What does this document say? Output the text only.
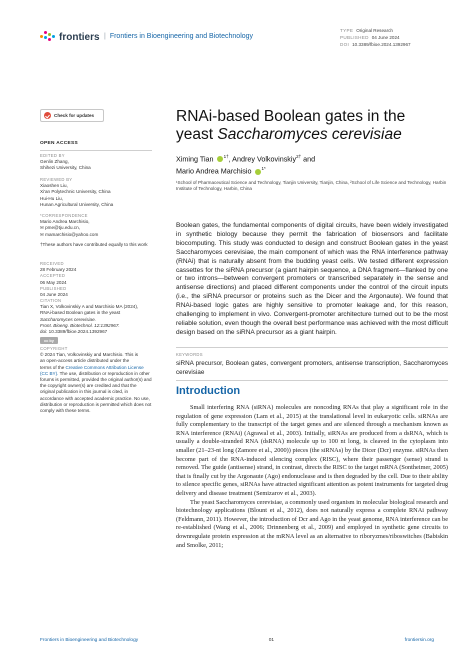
frontiers | Frontiers in Bioengineering and Biotechnology
TYPE Original Research
PUBLISHED 04 June 2024
DOI 10.3389/fbioe.2024.1392967
Check for updates
OPEN ACCESS
EDITED BY
Genlin Zhang,
Shihezi University, China
REVIEWED BY
Xiaoshen Liu,
Xi'an Polytechnic University, China
Hui-Hu Liu,
Hunan Agricultural University, China
*CORRESPONDENCE
Mario Andrea Marchisio,
✉ pme@tju.edu.cn,
✉ mamarchisio@yahoo.com
†These authors have contributed equally to this work
RECEIVED
28 February 2024
ACCEPTED
06 May 2024
PUBLISHED
04 June 2024
CITATION
Tian X, Volkovinskiy A and Marchisio MA (2024),
RNAi-based Boolean gates in the yeast
Saccharomyces cerevisiae.
Front. Bioeng. Biotechnol. 12:1392967.
doi: 10.3389/fbioe.2024.1392967
cc by
COPYRIGHT
© 2024 Tian, Volkovinskiy and Marchisio. This is
an open-access article distributed under the
terms of the Creative Commons Attribution License (CC BY). The use, distribution or reproduction in other forums is permitted, provided the original author(s) and the copyright owner(s) are credited and that the original publication in this journal is cited, in accordance with accepted academic practice. No use, distribution or reproduction is permitted which does not comply with these terms.
RNAi-based Boolean gates in the
yeast Saccharomyces cerevisiae
Ximing Tian $^{1\dagger}$, Andrey Volkovinskiy$^{2\dagger}$ and
Mario Andrea Marchisio $^{1*}$
¹School of Pharmaceutical Science and Technology, Tianjin University, Tianjin, China, ²School of Life Science and Technology, Harbin Institute of Technology, Harbin, China
Boolean gates, the fundamental components of digital circuits, have been widely investigated in synthetic biology because they permit the fabrication of biosensors and facilitate biocomputing. This study was conducted to design and construct Boolean gates in the yeast Saccharomyces cerevisiae, the main component of which was the RNA interference pathway (RNAi) that is naturally absent from the budding yeast cells. We tested different expression cassettes for the siRNA precursor (a giant hairpin sequence, a DNA fragment—flanked by one or two introns—between convergent promoters or transcribed separately in the sense and antisense directions) and placed different components under the control of the circuit inputs (i.e., the siRNA precursor or proteins such as the Dicer and the Argonaute). We found that RNAi-based logic gates are highly sensitive to promoter leakage and, for this reason, challenging to implement in vivo. Convergent-promoter architecture turned out to be the most reliable solution, even though the overall best performance was achieved with the most difficult design based on the siRNA precursor as a giant hairpin.
KEYWORDS
siRNA precursor, Boolean gates, convergent promoters, antisense transcription, Saccharomyces cerevisiae
Introduction

Small interfering RNA (siRNA) molecules are noncoding RNAs that play a significant role in the regulation of gene expression (Lam et al., 2015) at the translational level in eukaryotic cells. siRNAs are fully complementary to the transcript of the target genes and are silenced through a mechanism known as RNA interference (RNAi) (Agrawal et al., 2003). Initially, siRNAs are produced from a dsRNA, which is usually a double-stranded RNA (dsRNA) molecule up to 100 nt long, is cleaved in the cytoplasm into smaller (21–23-nt long (Zamore et al., 2000)) pieces (the siRNAs) by the Dicer (Dcr) enzyme. siRNAs then become part of the RNA-induced silencing complex (RISC), where their passenger (sense) strand is removed. The guide (antisense) strand, in contrast, directs the RISC to the target mRNA (Sontheimer, 2005) that is finally cut by the Argonaute (Ago) endonuclease and is then degraded by the cell. Due to their ability to silence specific genes, siRNAs have attracted significant attention as potent instruments for targeted drug delivery and disease treatment (Semizarov et al., 2003).

The yeast Saccharomyces cerevisiae, a commonly used organism in molecular biological research and biotechnology applications (Blount et al., 2012), does not naturally express a complete RNAi pathway (Feldmann, 2011). However, the introduction of Dcr and Ago in the yeast genome, RNA interference can be re-established (Wang et al., 2006; Drinnenberg et al., 2009) and employed in synthetic gene circuits to downregulate protein expression at the mRNA level as an alternative to riboryzmes/riboswitches (Babiskin and Smolke, 2011;

Frontiers in Bioengineering and Biotechnology	01	frontiersin.org
